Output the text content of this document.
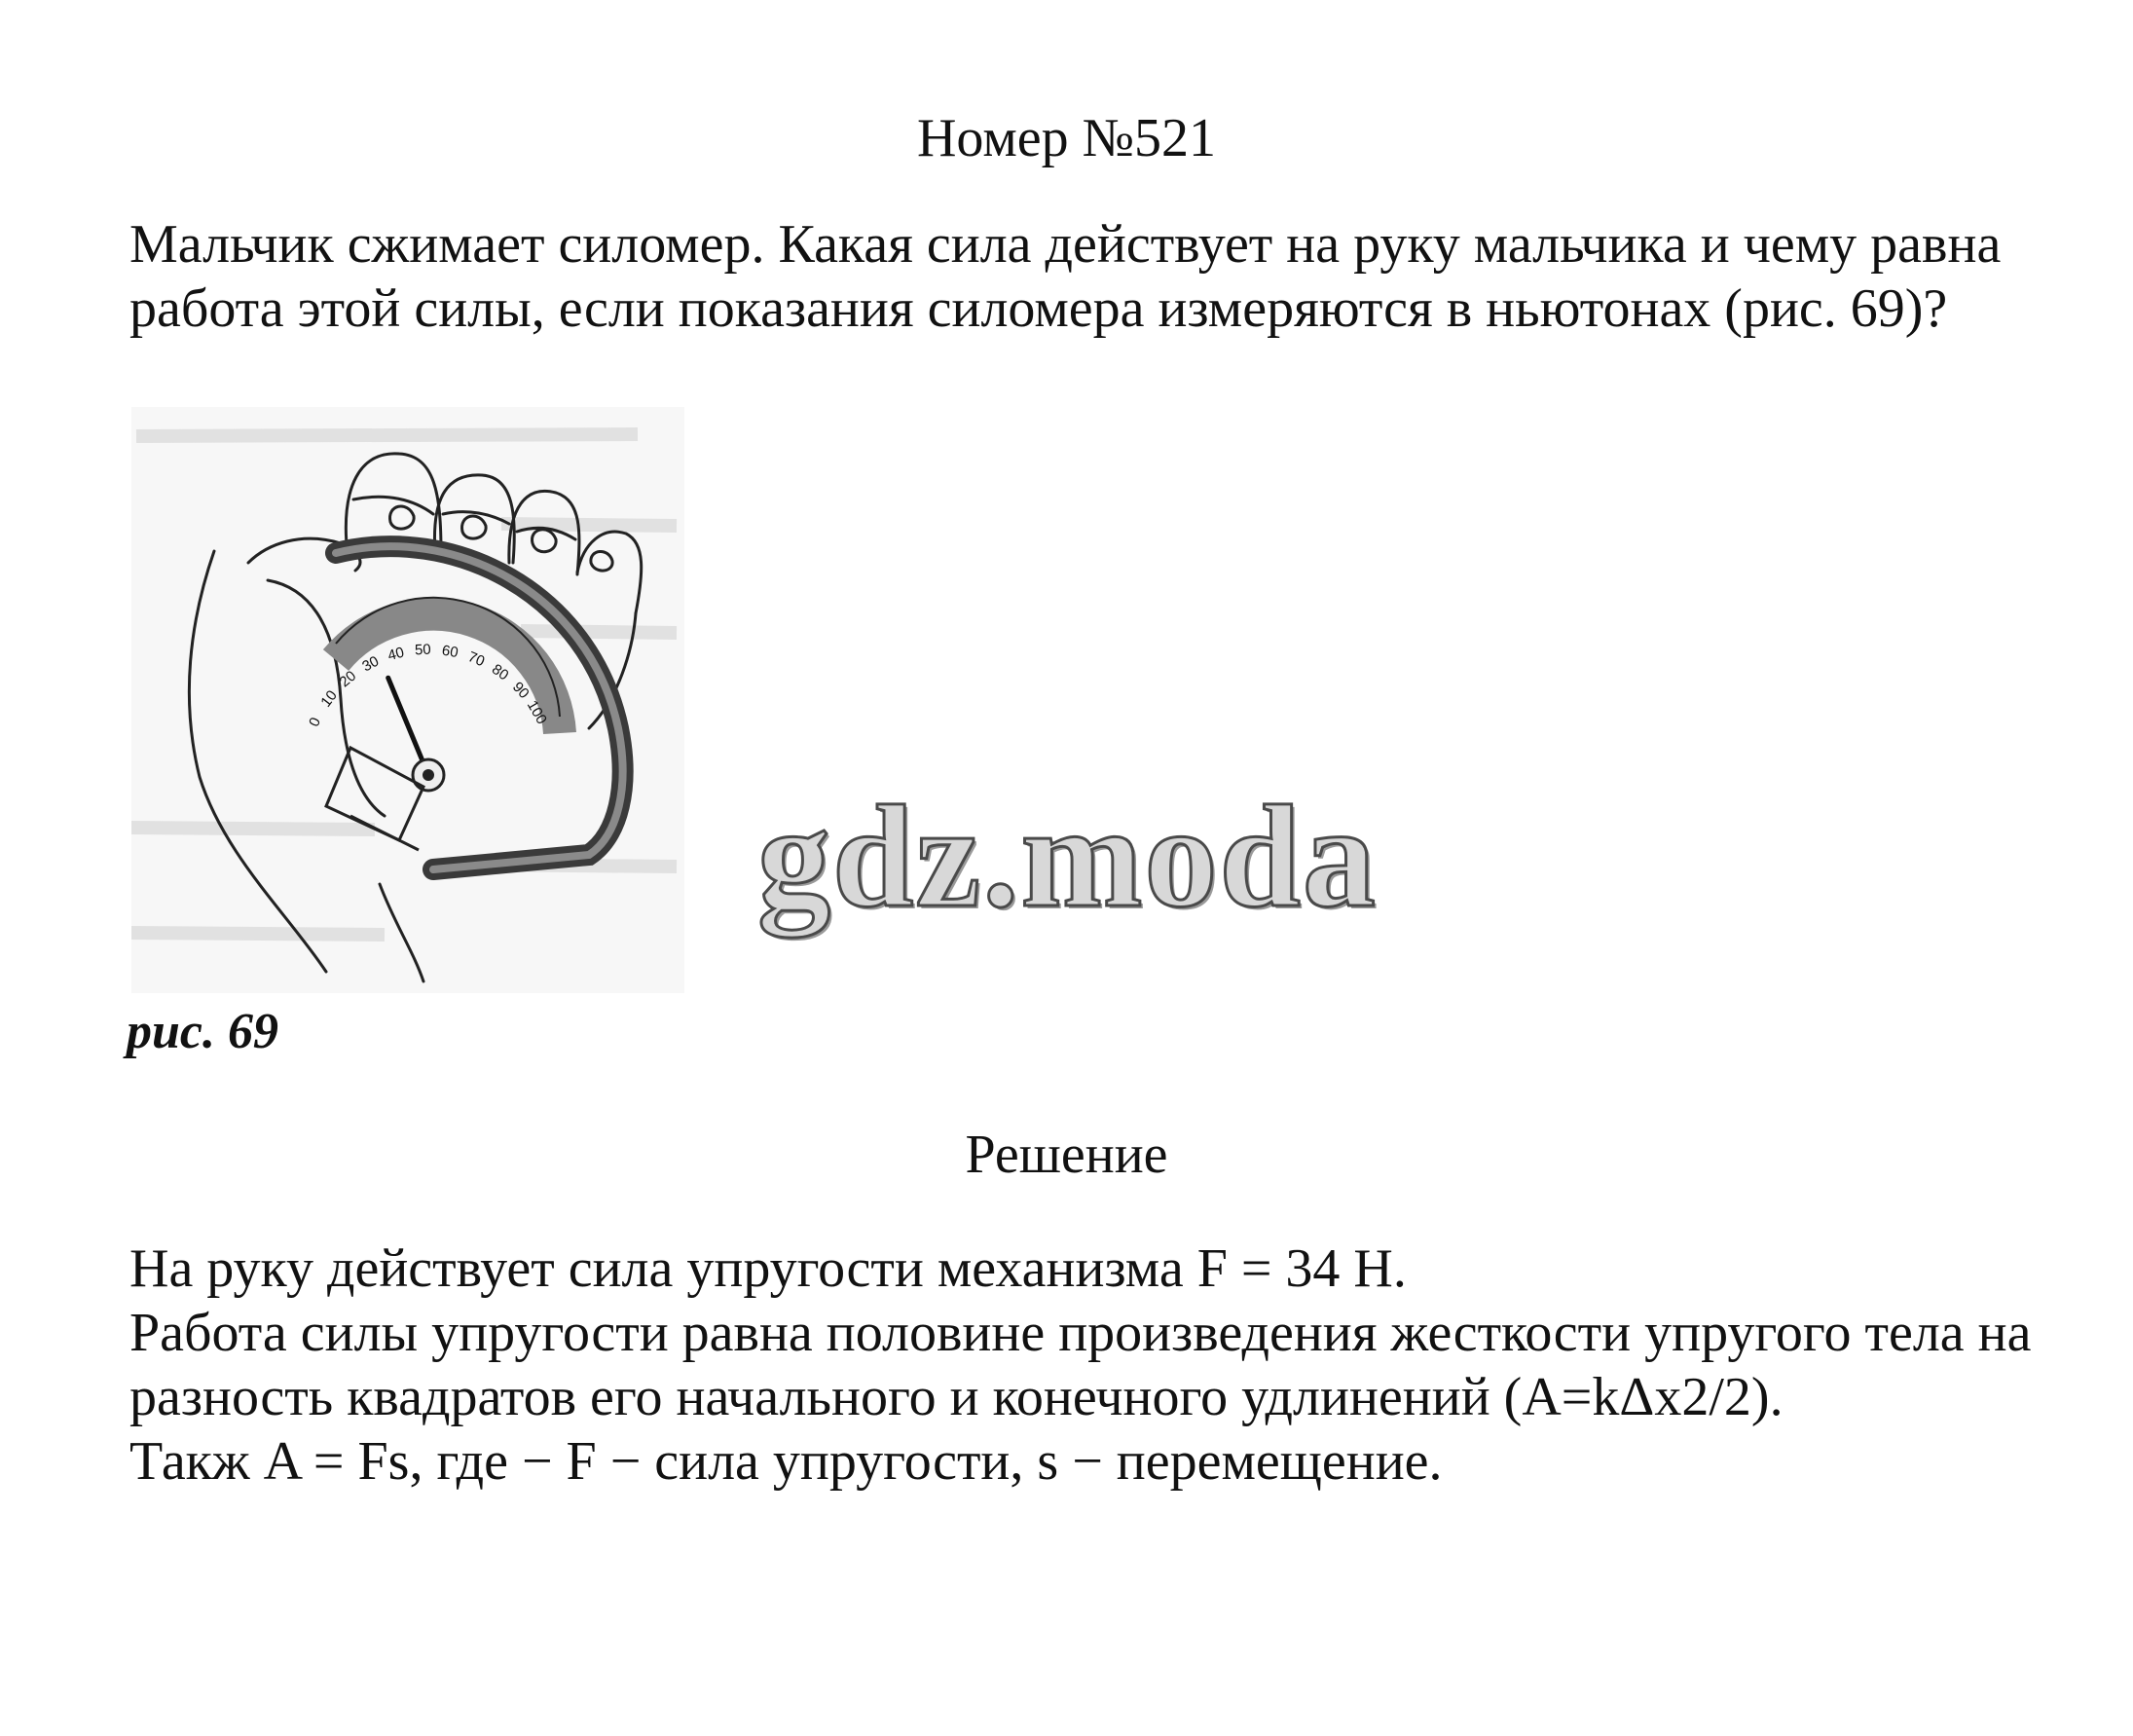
Номер №521

Мальчик сжимает силомер. Какая сила действует на руку мальчика и чему равна работа этой силы, если показания силомера измеряются в ньютонах (рис. 69)?

0
10
20
30 40 50 60 70
80
90
100
рис. 69
gdz.moda
Решение

На руку действует сила упругости механизма F = 34 Н.

Работа силы упругости равна половине произведения жесткости упругого тела на разность квадратов его начального и конечного удлинений (A=kΔx2/2).

Такж A = Fs, где − F − сила упругости, s − перемещение.
